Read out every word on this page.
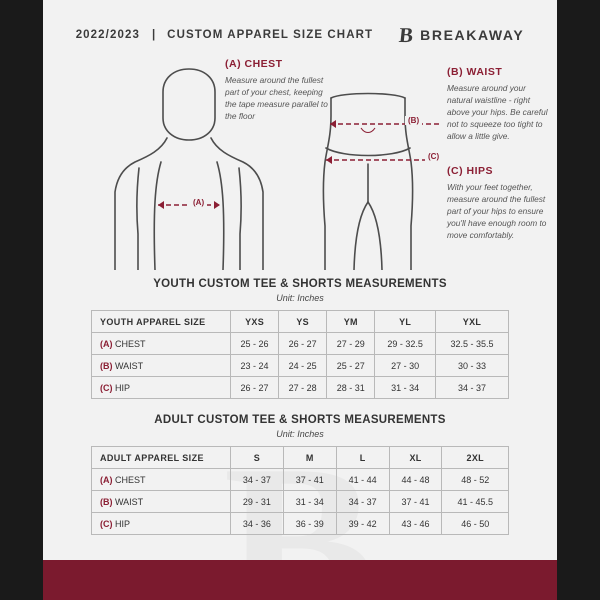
2022/2023 | CUSTOM APPAREL SIZE CHART B BREAKAWAY
(A)
(B)
(C)
(A) CHEST
Measure around the fullest part of your chest, keeping the tape measure parallel to the floor
(B) WAIST
Measure around your natural waistline - right above your hips. Be careful not to squeeze too tight to allow a little give.
(C) HIPS
With your feet together, measure around the fullest part of your hips to ensure you'll have enough room to move comfortably.
YOUTH CUSTOM TEE & SHORTS MEASUREMENTS
Unit: Inches
YOUTH APPAREL SIZE	YXS	YS	YM	YL	YXL
(A) CHEST	25 - 26	26 - 27	27 - 29	29 - 32.5	32.5 - 35.5
(B) WAIST	23 - 24	24 - 25	25 - 27	27 - 30	30 - 33
(C) HIP	26 - 27	27 - 28	28 - 31	31 - 34	34 - 37
ADULT CUSTOM TEE & SHORTS MEASUREMENTS
Unit: Inches
ADULT APPAREL SIZE	S	M	L	XL	2XL
(A) CHEST	34 - 37	37 - 41	41 - 44	44 - 48	48 - 52
(B) WAIST	29 - 31	31 - 34	34 - 37	37 - 41	41 - 45.5
(C) HIP	34 - 36	36 - 39	39 - 42	43 - 46	46 - 50
